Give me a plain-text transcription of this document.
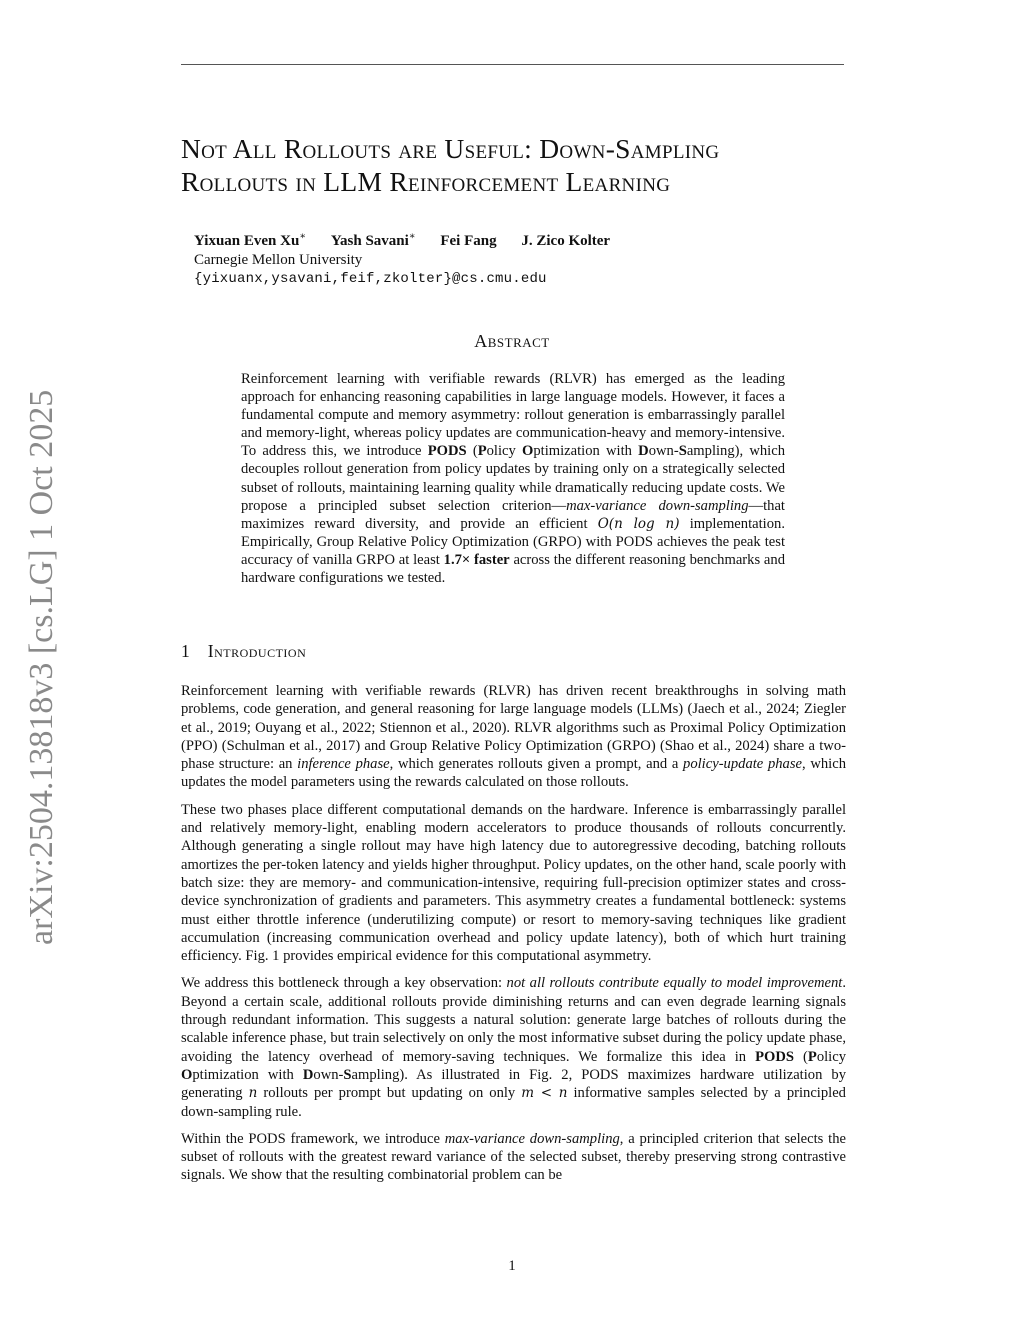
Not All Rollouts are Useful: Down-Sampling
Rollouts in LLM Reinforcement Learning
Yixuan Even Xu∗ Yash Savani∗ Fei Fang J. Zico Kolter
Carnegie Mellon University
{yixuanx,ysavani,feif,zkolter}@cs.cmu.edu
Abstract

Reinforcement learning with verifiable rewards (RLVR) has emerged as the leading approach for enhancing reasoning capabilities in large language models. However, it faces a fundamental compute and memory asymmetry: rollout generation is embarrassingly parallel and memory-light, whereas policy updates are communication-heavy and memory-intensive. To address this, we introduce PODS (Policy Optimization with Down-Sampling), which decouples rollout generation from policy updates by training only on a strategically selected subset of rollouts, maintaining learning quality while dramatically reducing update costs. We propose a principled subset selection criterion—max-variance down-sampling—that maximizes reward diversity, and provide an efficient O(n log n) implementation. Empirically, Group Relative Policy Optimization (GRPO) with PODS achieves the peak test accuracy of vanilla GRPO at least 1.7× faster across the different reasoning benchmarks and hardware configurations we tested.

1 Introduction

Reinforcement learning with verifiable rewards (RLVR) has driven recent breakthroughs in solving math problems, code generation, and general reasoning for large language models (LLMs) (Jaech et al., 2024; Ziegler et al., 2019; Ouyang et al., 2022; Stiennon et al., 2020). RLVR algorithms such as Proximal Policy Optimization (PPO) (Schulman et al., 2017) and Group Relative Policy Optimization (GRPO) (Shao et al., 2024) share a two-phase structure: an inference phase, which generates rollouts given a prompt, and a policy-update phase, which updates the model parameters using the rewards calculated on those rollouts.

These two phases place different computational demands on the hardware. Inference is embarrassingly parallel and relatively memory-light, enabling modern accelerators to produce thousands of rollouts concurrently. Although generating a single rollout may have high latency due to autoregressive decoding, batching rollouts amortizes the per-token latency and yields higher throughput. Policy updates, on the other hand, scale poorly with batch size: they are memory- and communication-intensive, requiring full-precision optimizer states and cross-device synchronization of gradients and parameters. This asymmetry creates a fundamental bottleneck: systems must either throttle inference (underutilizing compute) or resort to memory-saving techniques like gradient accumulation (increasing communication overhead and policy update latency), both of which hurt training efficiency. Fig. 1 provides empirical evidence for this computational asymmetry.

We address this bottleneck through a key observation: not all rollouts contribute equally to model improvement. Beyond a certain scale, additional rollouts provide diminishing returns and can even degrade learning signals through redundant information. This suggests a natural solution: generate large batches of rollouts during the scalable inference phase, but train selectively on only the most informative subset during the policy update phase, avoiding the latency overhead of memory-saving techniques. We formalize this idea in PODS (Policy Optimization with Down-Sampling). As illustrated in Fig. 2, PODS maximizes hardware utilization by generating n rollouts per prompt but updating on only m < n informative samples selected by a principled down-sampling rule.

Within the PODS framework, we introduce max-variance down-sampling, a principled criterion that selects the subset of rollouts with the greatest reward variance of the selected subset, thereby preserving strong contrastive signals. We show that the resulting combinatorial problem can be

arXiv:2504.13818v3 [cs.LG] 1 Oct 2025
1
